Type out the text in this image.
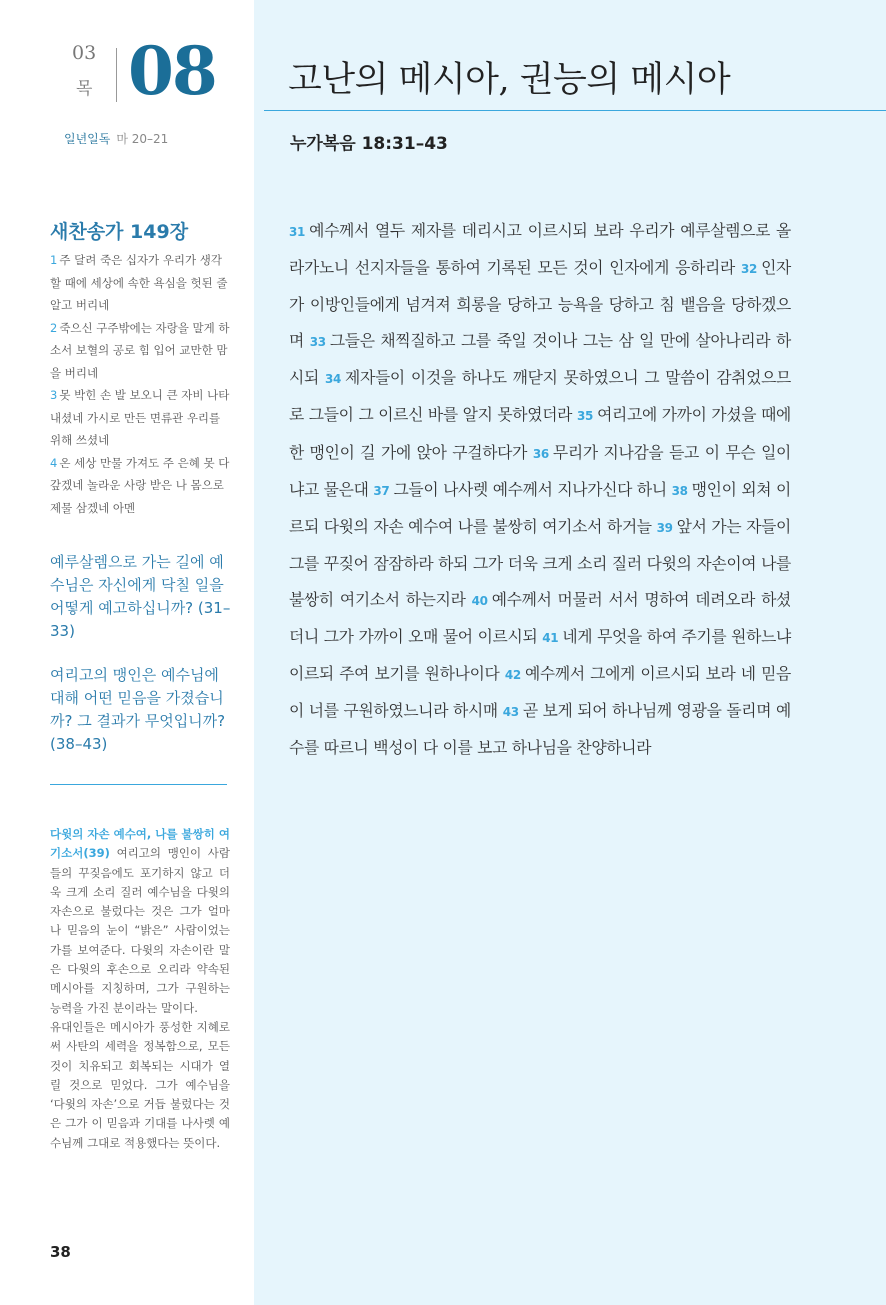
03
목 08
일년일독 마 20–21
새찬송가 149장
1 주 달려 죽은 십자가 우리가 생각할 때에 세상에 속한 욕심을 헛된 줄 알고 버리네
2 죽으신 구주밖에는 자랑을 말게 하소서 보혈의 공로 힘 입어 교만한 맘을 버리네
3 못 박힌 손 발 보오니 큰 자비 나타내셨네 가시로 만든 면류관 우리를 위해 쓰셨네
4 온 세상 만물 가져도 주 은혜 못 다 갚겠네 놀라운 사랑 받은 나 몸으로 제물 삼겠네 아멘
예루살렘으로 가는 길에 예수님은 자신에게 닥칠 일을 어떻게 예고하십니까? (31–33)
여리고의 맹인은 예수님에 대해 어떤 믿음을 가졌습니까? 그 결과가 무엇입니까? (38–43)

다윗의 자손 예수여, 나를 불쌍히 여기소서(39) 여리고의 맹인이 사람들의 꾸짖음에도 포기하지 않고 더욱 크게 소리 질러 예수님을 다윗의 자손으로 불렀다는 것은 그가 얼마나 믿음의 눈이 “밝은” 사람이었는가를 보여준다. 다윗의 자손이란 말은 다윗의 후손으로 오리라 약속된 메시아를 지칭하며, 그가 구원하는 능력을 가진 분이라는 말이다.

유대인들은 메시아가 풍성한 지혜로써 사탄의 세력을 정복함으로, 모든 것이 치유되고 회복되는 시대가 열릴 것으로 믿었다. 그가 예수님을 ‘다윗의 자손’으로 거듭 불렀다는 것은 그가 이 믿음과 기대를 나사렛 예수님께 그대로 적용했다는 뜻이다.

38
고난의 메시아, 권능의 메시아
누가복음 18:31–43
31 예수께서 열두 제자를 데리시고 이르시되 보라 우리가 예루살렘으로 올라가노니 선지자들을 통하여 기록된 모든 것이 인자에게 응하리라 32 인자가 이방인들에게 넘겨져 희롱을 당하고 능욕을 당하고 침 뱉음을 당하겠으며 33 그들은 채찍질하고 그를 죽일 것이나 그는 삼 일 만에 살아나리라 하시되 34 제자들이 이것을 하나도 깨닫지 못하였으니 그 말씀이 감취었으므로 그들이 그 이르신 바를 알지 못하였더라 35 여리고에 가까이 가셨을 때에 한 맹인이 길 가에 앉아 구걸하다가 36 무리가 지나감을 듣고 이 무슨 일이냐고 물은대 37 그들이 나사렛 예수께서 지나가신다 하니 38 맹인이 외쳐 이르되 다윗의 자손 예수여 나를 불쌍히 여기소서 하거늘 39 앞서 가는 자들이 그를 꾸짖어 잠잠하라 하되 그가 더욱 크게 소리 질러 다윗의 자손이여 나를 불쌍히 여기소서 하는지라 40 예수께서 머물러 서서 명하여 데려오라 하셨더니 그가 가까이 오매 물어 이르시되 41 네게 무엇을 하여 주기를 원하느냐 이르되 주여 보기를 원하나이다 42 예수께서 그에게 이르시되 보라 네 믿음이 너를 구원하였느니라 하시매 43 곧 보게 되어 하나님께 영광을 돌리며 예수를 따르니 백성이 다 이를 보고 하나님을 찬양하니라
